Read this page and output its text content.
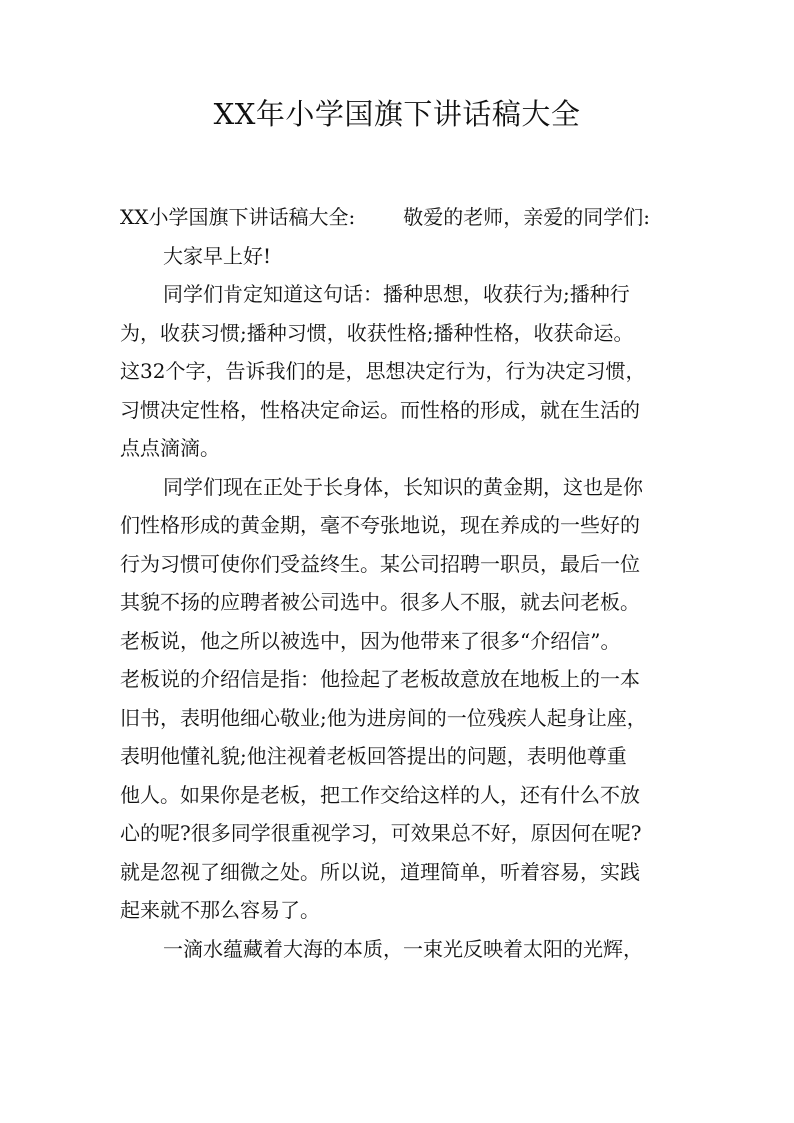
XX年小学国旗下讲话稿大全
XX小学国旗下讲话稿大全: 敬爱的老师，亲爱的同学们:
大家早上好!
同学们肯定知道这句话：播种思想，收获行为;播种行
为，收获习惯;播种习惯，收获性格;播种性格，收获命运。
这32个字，告诉我们的是，思想决定行为，行为决定习惯，
习惯决定性格，性格决定命运。而性格的形成，就在生活的
点点滴滴。
同学们现在正处于长身体，长知识的黄金期，这也是你
们性格形成的黄金期，毫不夸张地说，现在养成的一些好的
行为习惯可使你们受益终生。某公司招聘一职员，最后一位
其貌不扬的应聘者被公司选中。很多人不服，就去问老板。
老板说，他之所以被选中，因为他带来了很多“介绍信”。
老板说的介绍信是指：他捡起了老板故意放在地板上的一本
旧书，表明他细心敬业;他为进房间的一位残疾人起身让座，
表明他懂礼貌;他注视着老板回答提出的问题，表明他尊重
他人。如果你是老板，把工作交给这样的人，还有什么不放
心的呢?很多同学很重视学习，可效果总不好，原因何在呢?
就是忽视了细微之处。所以说，道理简单，听着容易，实践
起来就不那么容易了。
一滴水蕴藏着大海的本质，一束光反映着太阳的光辉，
